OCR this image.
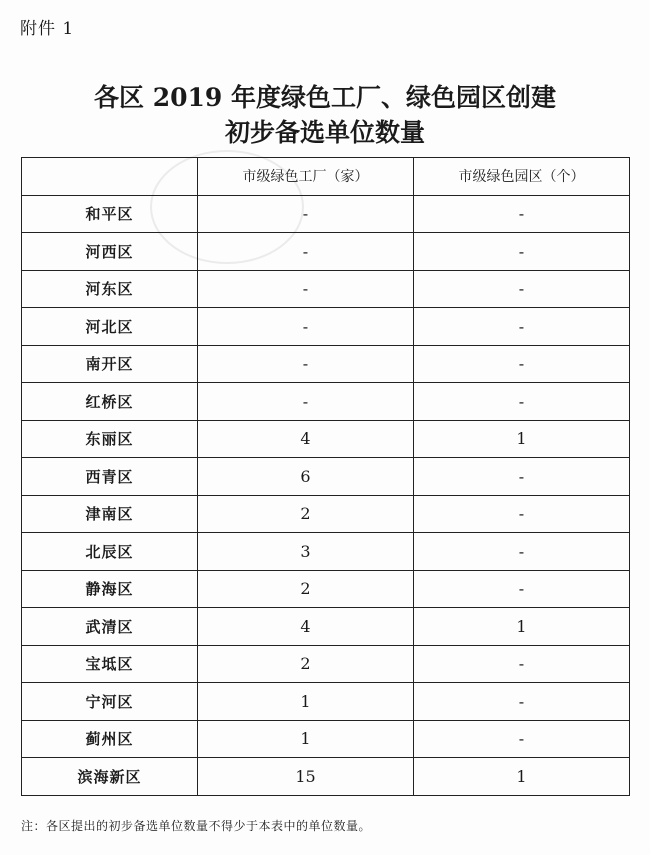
附件 1
各区 2019 年度绿色工厂、绿色园区创建
初步备选单位数量
	市级绿色工厂（家）	市级绿色园区（个）
和平区	-	-
河西区	-	-
河东区	-	-
河北区	-	-
南开区	-	-
红桥区	-	-
东丽区	4	1
西青区	6	-
津南区	2	-
北辰区	3	-
静海区	2	-
武清区	4	1
宝坻区	2	-
宁河区	1	-
蓟州区	1	-
滨海新区	15	1
注：各区提出的初步备选单位数量不得少于本表中的单位数量。
